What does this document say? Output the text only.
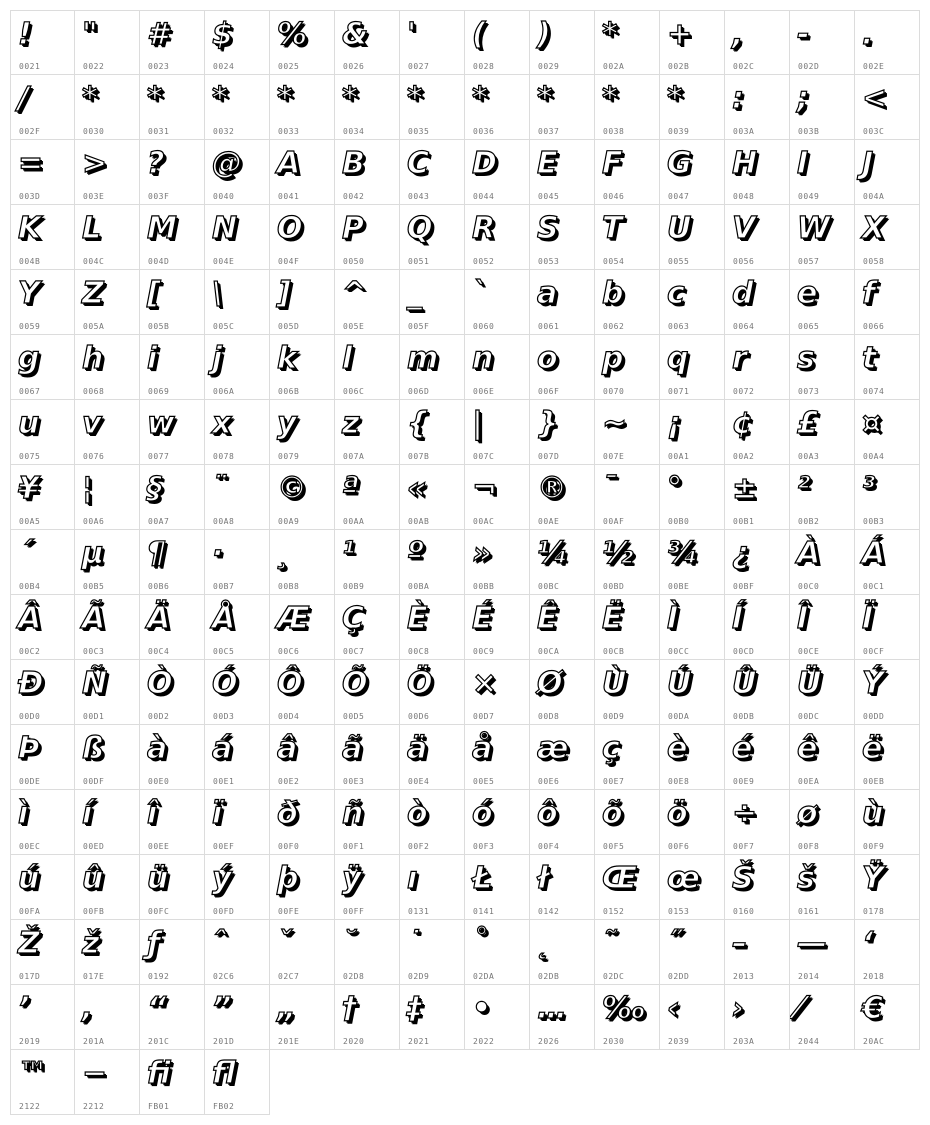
!
0021
"
0022
#
0023
$
0024
%
0025
&
0026
'
0027
(
0028
)
0029
*
002A
+
002B
,
002C
-
002D
.
002E
/
002F
*
0030
*
0031
*
0032
*
0033
*
0034
*
0035
*
0036
*
0037
*
0038
*
0039
:
003A
;
003B
<
003C
=
003D
>
003E
?
003F
@
0040
A
0041
B
0042
C
0043
D
0044
E
0045
F
0046
G
0047
H
0048
I
0049
J
004A
K
004B
L
004C
M
004D
N
004E
O
004F
P
0050
Q
0051
R
0052
S
0053
T
0054
U
0055
V
0056
W
0057
X
0058
Y
0059
Z
005A
[
005B
\
005C
]
005D
^
005E
_
005F
`
0060
a
0061
b
0062
c
0063
d
0064
e
0065
f
0066
g
0067
h
0068
i
0069
j
006A
k
006B
l
006C
m
006D
n
006E
o
006F
p
0070
q
0071
r
0072
s
0073
t
0074
u
0075
v
0076
w
0077
x
0078
y
0079
z
007A
{
007B
|
007C
}
007D
~
007E
¡
00A1
¢
00A2
£
00A3
¤
00A4
¥
00A5
¦
00A6
§
00A7
¨
00A8
©
00A9
ª
00AA
«
00AB
¬
00AC
®
00AE
¯
00AF
°
00B0
±
00B1
²
00B2
³
00B3
´
00B4
µ
00B5
¶
00B6
·
00B7
¸
00B8
¹
00B9
º
00BA
»
00BB
¼
00BC
½
00BD
¾
00BE
¿
00BF
À
00C0
Á
00C1
Â
00C2
Ã
00C3
Ä
00C4
Å
00C5
Æ
00C6
Ç
00C7
È
00C8
É
00C9
Ê
00CA
Ë
00CB
Ì
00CC
Í
00CD
Î
00CE
Ï
00CF
Đ
00D0
Ñ
00D1
Ò
00D2
Ó
00D3
Ô
00D4
Õ
00D5
Ö
00D6
×
00D7
Ø
00D8
Ù
00D9
Ú
00DA
Û
00DB
Ü
00DC
Ý
00DD
Þ
00DE
ß
00DF
à
00E0
á
00E1
â
00E2
ã
00E3
ä
00E4
å
00E5
æ
00E6
ç
00E7
è
00E8
é
00E9
ê
00EA
ë
00EB
ì
00EC
í
00ED
î
00EE
ï
00EF
ð
00F0
ñ
00F1
ò
00F2
ó
00F3
ô
00F4
õ
00F5
ö
00F6
÷
00F7
ø
00F8
ù
00F9
ú
00FA
û
00FB
ü
00FC
ý
00FD
þ
00FE
ÿ
00FF
ı
0131
Ł
0141
ł
0142
Œ
0152
œ
0153
Š
0160
š
0161
Ÿ
0178
Ž
017D
ž
017E
ƒ
0192
ˆ
02C6
ˇ
02C7
˘
02D8
˙
02D9
˚
02DA
˛
02DB
˜
02DC
˝
02DD
–
2013
—
2014
‘
2018
’
2019
‚
201A
“
201C
”
201D
„
201E
†
2020
‡
2021
•
2022
…
2026
‰
2030
‹
2039
›
203A
⁄
2044
€
20AC
™
2122
−
2212
ﬁ
FB01
ﬂ
FB02
